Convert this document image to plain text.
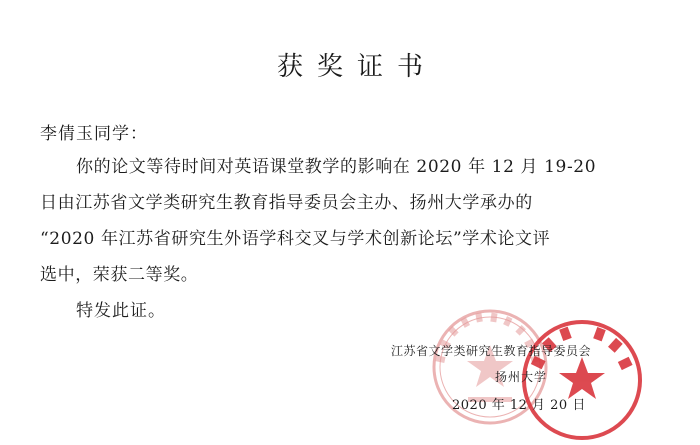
获奖证书
李倩玉同学：
你的论文等待时间对英语课堂教学的影响在 2020 年 12 月 19-20
日由江苏省文学类研究生教育指导委员会主办、扬州大学承办的
“2020 年江苏省研究生外语学科交叉与学术创新论坛”学术论文评
选中，荣获二等奖。
特发此证。
江苏省文学类研究生教育指导委员会
扬州大学
2020 年 12 月 20 日
